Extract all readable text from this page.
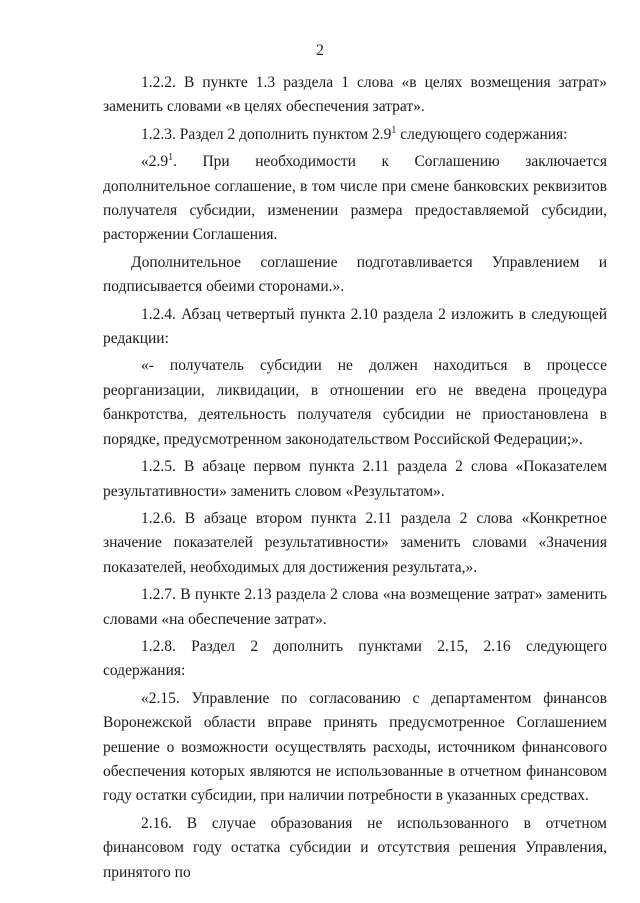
2

1.2.2. В пункте 1.3 раздела 1 слова «в целях возмещения затрат» заменить словами «в целях обеспечения затрат».

1.2.3. Раздел 2 дополнить пунктом $2.9^1$ следующего содержания:

«$2.9^1$. При необходимости к Соглашению заключается дополнительное соглашение, в том числе при смене банковских реквизитов получателя субсидии, изменении размера предоставляемой субсидии, расторжении Соглашения.

Дополнительное соглашение подготавливается Управлением и подписывается обеими сторонами.».

1.2.4. Абзац четвертый пункта 2.10 раздела 2 изложить в следующей редакции:

«- получатель субсидии не должен находиться в процессе реорганизации, ликвидации, в отношении его не введена процедура банкротства, деятельность получателя субсидии не приостановлена в порядке, предусмотренном законодательством Российской Федерации;».

1.2.5. В абзаце первом пункта 2.11 раздела 2 слова «Показателем результативности» заменить словом «Результатом».

1.2.6. В абзаце втором пункта 2.11 раздела 2 слова «Конкретное значение показателей результативности» заменить словами «Значения показателей, необходимых для достижения результата,».

1.2.7. В пункте 2.13 раздела 2 слова «на возмещение затрат» заменить словами «на обеспечение затрат».

1.2.8. Раздел 2 дополнить пунктами 2.15, 2.16 следующего содержания:

«2.15. Управление по согласованию с департаментом финансов Воронежской области вправе принять предусмотренное Соглашением решение о возможности осуществлять расходы, источником финансового обеспечения которых являются не использованные в отчетном финансовом году остатки субсидии, при наличии потребности в указанных средствах.

2.16. В случае образования не использованного в отчетном финансовом году остатка субсидии и отсутствия решения Управления, принятого по
